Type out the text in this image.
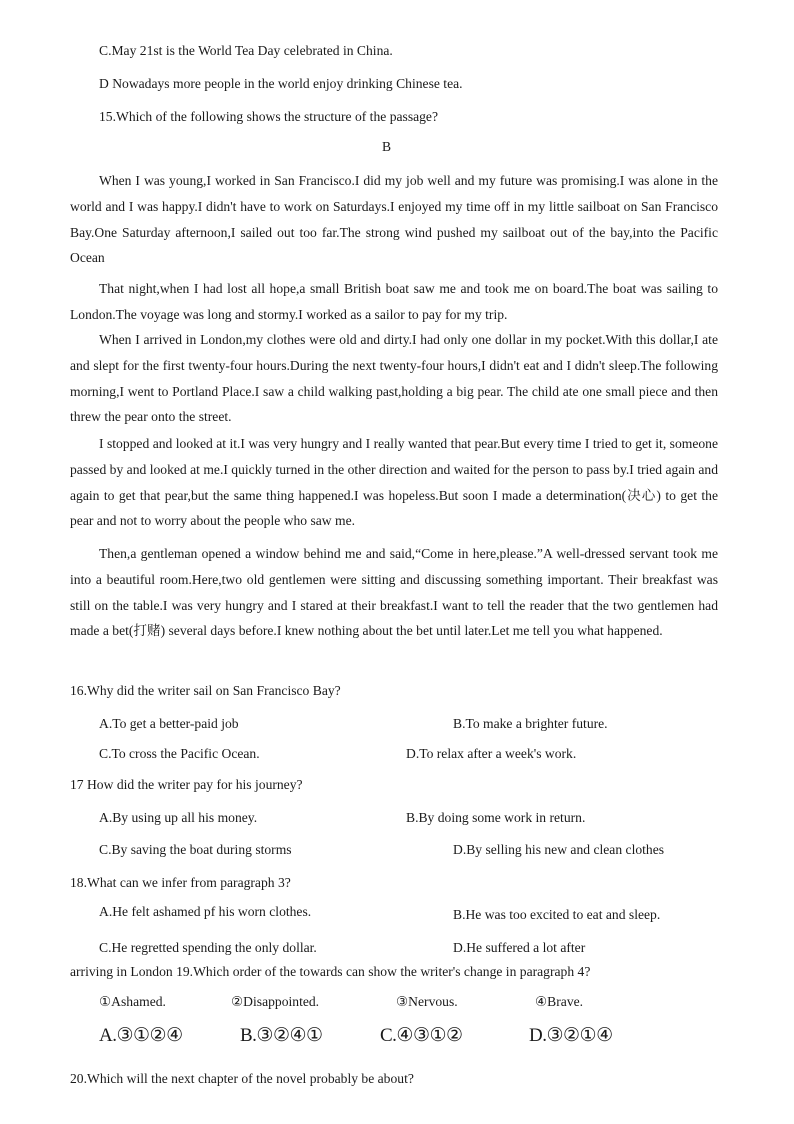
C.May 21st is the World Tea Day celebrated in China.
D Nowadays more people in the world enjoy drinking Chinese tea.
15.Which of the following shows the structure of the passage?
B
When I was young,I worked in San Francisco.I did my job well and my future was promising.I was alone in the world and I was happy.I didn't have to work on Saturdays.I enjoyed my time off in my little sailboat on San Francisco Bay.One Saturday afternoon,I sailed out too far.The strong wind pushed my sailboat out of the bay,into the Pacific Ocean
That night,when I had lost all hope,a small British boat saw me and took me on board.The boat was sailing to London.The voyage was long and stormy.I worked as a sailor to pay for my trip.
When I arrived in London,my clothes were old and dirty.I had only one dollar in my pocket.With this dollar,I ate and slept for the first twenty-four hours.During the next twenty-four hours,I didn't eat and I didn't sleep.The following morning,I went to Portland Place.I saw a child walking past,holding a big pear. The child ate one small piece and then threw the pear onto the street.
I stopped and looked at it.I was very hungry and I really wanted that pear.But every time I tried to get it, someone passed by and looked at me.I quickly turned in the other direction and waited for the person to pass by.I tried again and again to get that pear,but the same thing happened.I was hopeless.But soon I made a determination(决心) to get the pear and not to worry about the people who saw me.
Then,a gentleman opened a window behind me and said,“Come in here,please.”A well-dressed servant took me into a beautiful room.Here,two old gentlemen were sitting and discussing something important. Their breakfast was still on the table.I was very hungry and I stared at their breakfast.I want to tell the reader that the two gentlemen had made a bet(打赌) several days before.I knew nothing about the bet until later.Let me tell you what happened.
16.Why did the writer sail on San Francisco Bay?
A.To get a better-paid job	B.To make a brighter future.
C.To cross the Pacific Ocean.	D.To relax after a week's work.
17 How did the writer pay for his journey?
A.By using up all his money.	B.By doing some work in return.
C.By saving the boat during storms	D.By selling his new and clean clothes
18.What can we infer from paragraph 3?
A.He felt ashamed pf his worn clothes.	B.He was too excited to eat and sleep.
C.He regretted spending the only dollar.	D.He suffered a lot after
arriving in London 19.Which order of the towards can show the writer's change in paragraph 4?
①Ashamed.	②Disappointed.	③Nervous.	④Brave.
A.③①②④	B.③②④①	C.④③①②	D.③②①④
20.Which will the next chapter of the novel probably be about?
